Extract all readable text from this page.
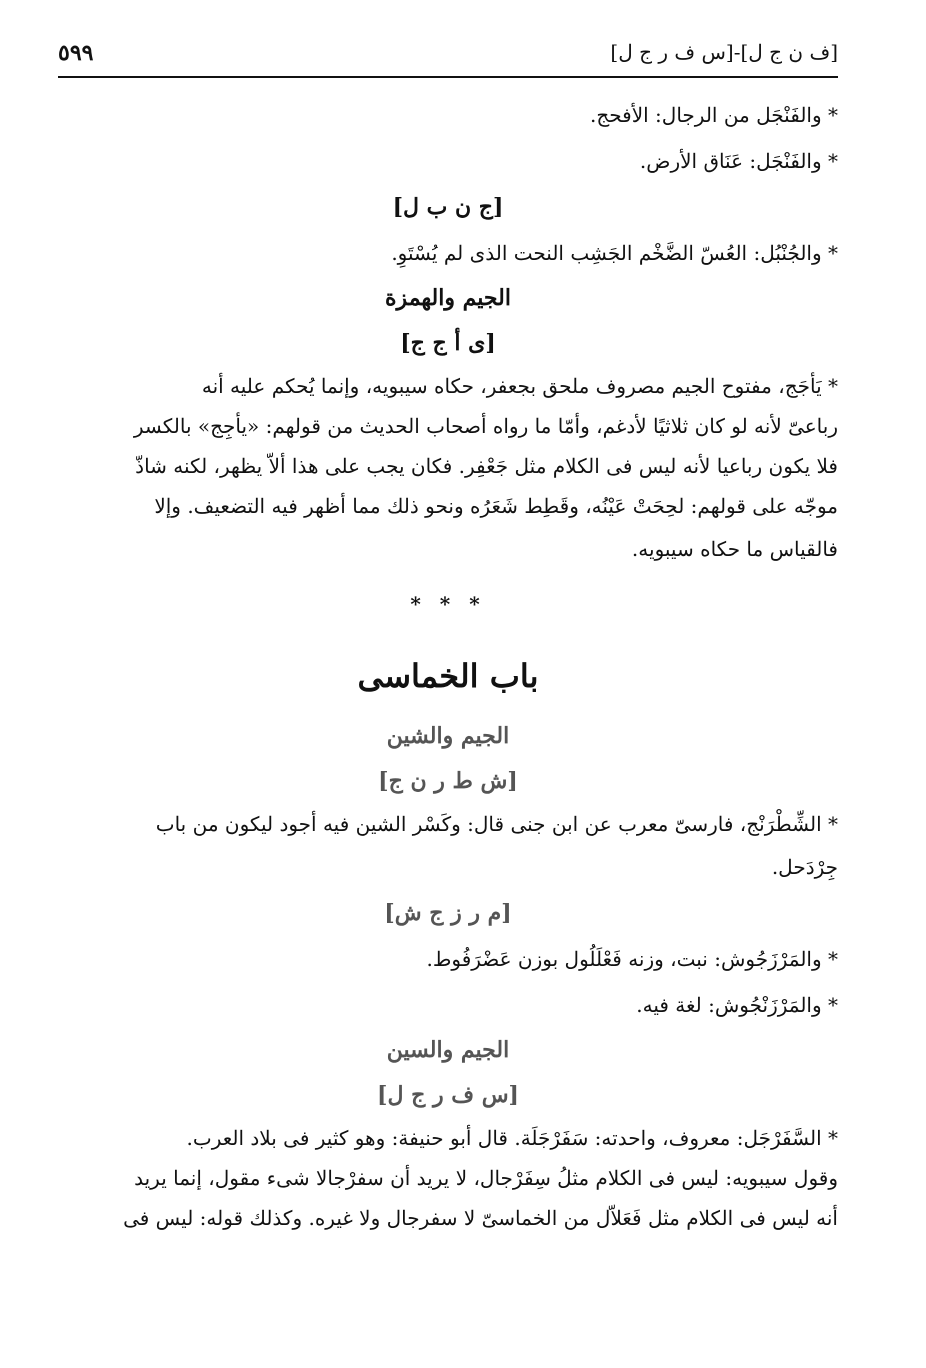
[ف ن ج ل]-[س ف ر ج ل]
٥٩٩

* والفَنْجَل من الرجال: الأفحج.

* والفَنْجَل: عَنَاق الأرض.

[ج ن ب ل]

* والجُنْبُل: العُسّ الضَّخْم الجَشِب النحت الذى لم يُسْتَوِ.

الجيم والهمزة

[ى أ ج ج]

* يَأجَج، مفتوح الجيم مصروف ملحق بجعفر، حكاه سيبويه، وإنما يُحكم عليه أنه

رباعىّ لأنه لو كان ثلاثيًا لأدغم، وأمّا ما رواه أصحاب الحديث من قولهم: «يأجِج» بالكسر

فلا يكون رباعيا لأنه ليس فى الكلام مثل جَعْفِر. فكان يجب على هذا ألاّ يظهر، لكنه شاذّ

موجّه على قولهم: لحِحَتْ عَيْنُه، وقَطِط شَعَرُه ونحو ذلك مما أظهر فيه التضعيف. وإلا

فالقياس ما حكاه سيبويه.

* * *

باب الخماسى

الجيم والشين

[ش ط ر ن ج]

* الشِّطْرَنْج، فارسىّ معرب عن ابن جنى قال: وكَسْر الشين فيه أجود ليكون من باب

جِرْدَحل.

[م ر ز ج ش]

* والمَرْزَجُوش: نبت، وزنه فَعْلَلُول بوزن عَضْرَفُوط.

* والمَرْزَنْجُوش: لغة فيه.

الجيم والسين

[س ف ر ج ل]

* السَّفَرْجَل: معروف، واحدته: سَفَرْجَلَة. قال أبو حنيفة: وهو كثير فى بلاد العرب.

وقول سيبويه: ليس فى الكلام مثلُ سِفَرْجال، لا يريد أن سفرْجالا شىء مقول، إنما يريد

أنه ليس فى الكلام مثل فَعَلاّل من الخماسىّ لا سفرجال ولا غيره. وكذلك قوله: ليس فى
